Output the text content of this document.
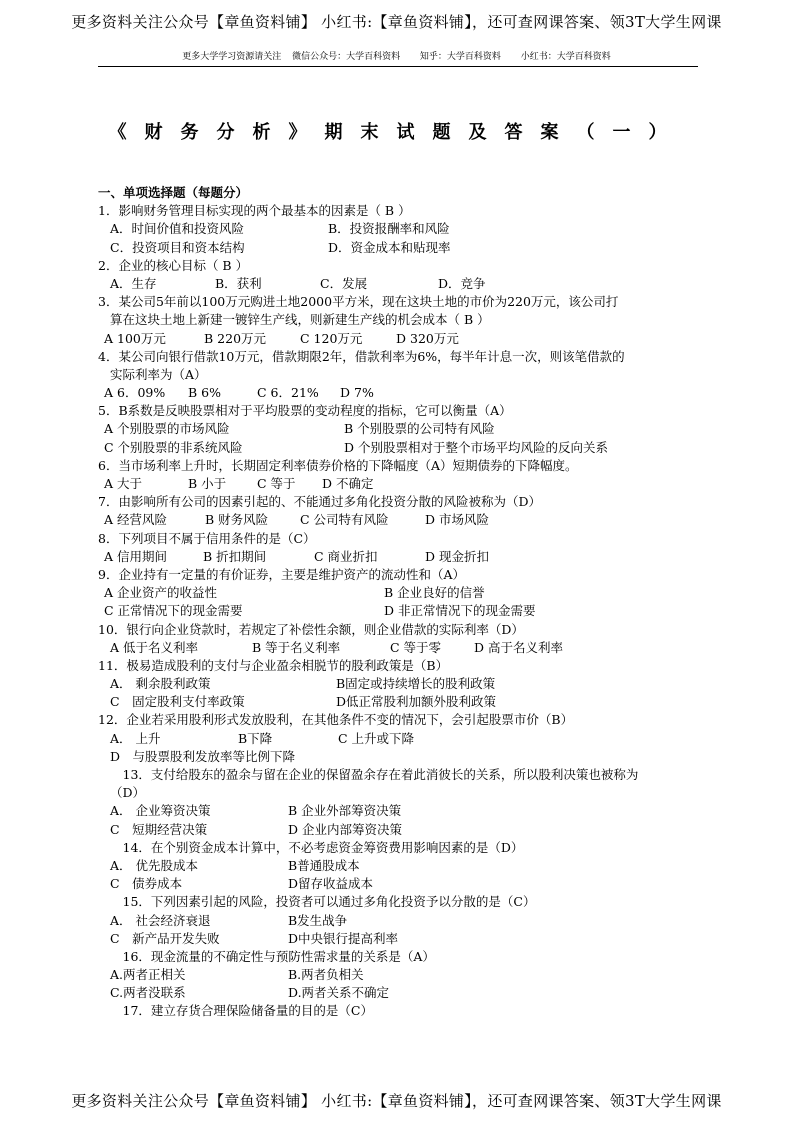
更多资料关注公众号【章鱼资料铺】 小红书:【章鱼资料铺】，还可查网课答案、领3T大学生网课
更多大学学习资源请关注 微信公众号：大学百科资料　 知乎：大学百科资料　 小红书：大学百科资料
《财务分析》期末试题及答案（一）
一、单项选择题（每题分）
1．影响财务管理目标实现的两个最基本的因素是（ B ）
A．时间价值和投资风险	B．投资报酬率和风险
C．投资项目和资本结构	D．资金成本和贴现率
2．企业的核心目标（ B ）
A．生存	B．获利	C．发展	D．竞争
3．某公司5年前以100万元购进土地2000平方米，现在这块土地的市价为220万元，该公司打
算在这块土地上新建一镀锌生产线，则新建生产线的机会成本（ B ）
A 100万元	B 220万元	C 120万元	D 320万元
4．某公司向银行借款10万元，借款期限2年，借款利率为6%，每半年计息一次，则该笔借款的
实际利率为（A）
A 6．09% B 6%	C 6．21% D 7%
5．Β系数是反映股票相对于平均股票的变动程度的指标，它可以衡量（A）
A 个别股票的市场风险	B 个别股票的公司特有风险
C 个别股票的非系统风险	D 个别股票相对于整个市场平均风险的反向关系
6．当市场利率上升时，长期固定利率债券价格的下降幅度（A）短期债券的下降幅度。
A 大于	B 小于 C 等于 D 不确定
7．由影响所有公司的因素引起的、不能通过多角化投资分散的风险被称为（D）
A 经营风险	B 财务风险	C 公司特有风险	D 市场风险
8．下列项目不属于信用条件的是（C）
A 信用期间	B 折扣期间	C 商业折扣	D 现金折扣
9．企业持有一定量的有价证券，主要是维护资产的流动性和（A）
A 企业资产的收益性	B 企业良好的信誉
C 正常情况下的现金需要	D 非正常情况下的现金需要
10．银行向企业贷款时，若规定了补偿性余额，则企业借款的实际利率（D）
A 低于名义利率	B 等于名义利率	C 等于零	D 高于名义利率
11．极易造成股利的支付与企业盈余相脱节的股利政策是（B）
A． 剩余股利政策	B固定或持续增长的股利政策
C　固定股利支付率政策	D低正常股利加额外股利政策
12．企业若采用股利形式发放股利，在其他条件不变的情况下，会引起股票市价（B）
A． 上升	B下降	C 上升或下降
D　与股票股利发放率等比例下降
　13．支付给股东的盈余与留在企业的保留盈余存在着此消彼长的关系，所以股利决策也被称为
（D）
A． 企业筹资决策	B 企业外部筹资决策
C　短期经营决策	D 企业内部筹资决策
　14．在个别资金成本计算中，不必考虑资金筹资费用影响因素的是（D）
A． 优先股成本	B普通股成本
C　债券成本	D留存收益成本
　15．下列因素引起的风险，投资者可以通过多角化投资予以分散的是（C）
A． 社会经济衰退	B发生战争
C　新产品开发失败	D中央银行提高利率
　16．现金流量的不确定性与预防性需求量的关系是（A）
A.两者正相关	B.两者负相关
C.两者没联系	D.两者关系不确定
　17．建立存货合理保险储备量的目的是（C）
更多资料关注公众号【章鱼资料铺】 小红书:【章鱼资料铺】，还可查网课答案、领3T大学生网课
